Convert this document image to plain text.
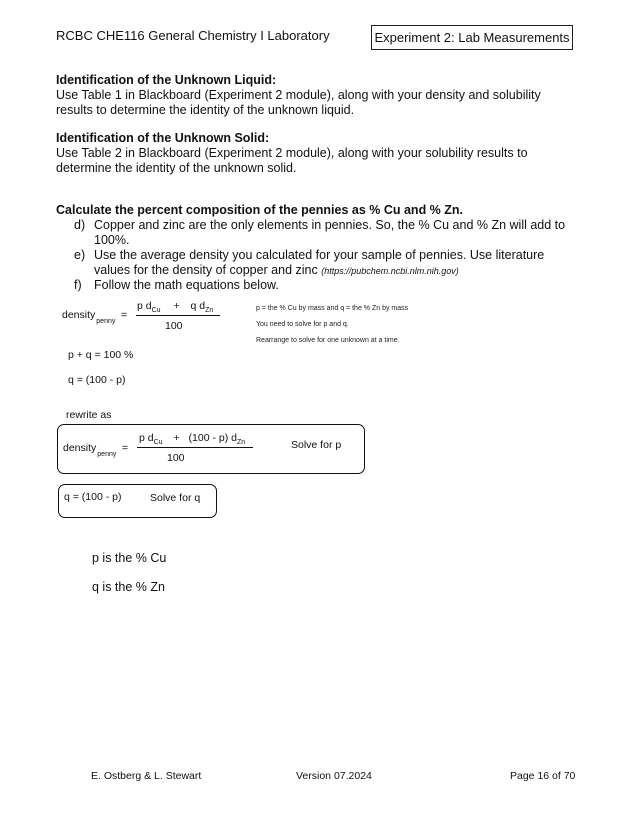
RCBC CHE116 General Chemistry I Laboratory	Experiment 2: Lab Measurements
Identification of the Unknown Liquid:
Use Table 1 in Blackboard (Experiment 2 module), along with your density and solubility
results to determine the identity of the unknown liquid.
Identification of the Unknown Solid:
Use Table 2 in Blackboard (Experiment 2 module), along with your solubility results to
determine the identity of the unknown solid.
Calculate the percent composition of the pennies as % Cu and % Zn.
d) Copper and zinc are the only elements in pennies. So, the % Cu and % Zn will add to
100%.
e) Use the average density you calculated for your sample of pennies. Use literature
values for the density of copper and zinc (https://pubchem.ncbi.nlm.nih.gov)
f) Follow the math equations below.
density$_{penny}$
=
p $d_{Cu} + q$ $d_{Zn}$
100
p = the % Cu by mass and q = the % Zn by mass
You need to solve for p and q.
Rearrange to solve for one unknown at a time.
p + q = 100 %
q = (100 - p)
rewrite as
density$_{penny}$
=
p $d_{Cu} + (100 - p)$ $d_{Zn}$
100
Solve for p
q = (100 - p)	Solve for q
p is the % Cu
q is the % Zn
E. Ostberg & L. Stewart	Version 07.2024	Page 16 of 70
